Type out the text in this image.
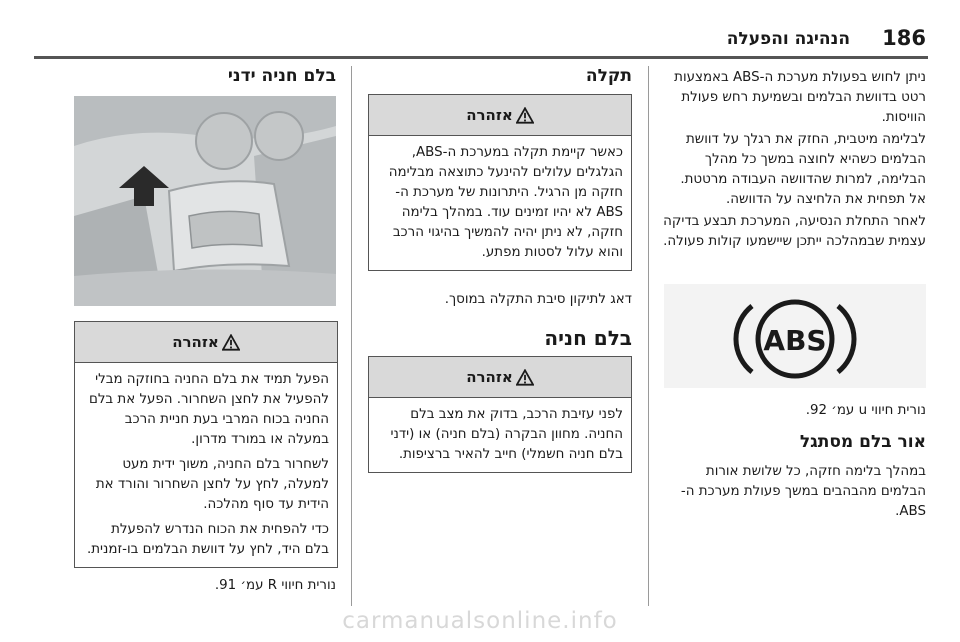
186
הנהיגה והפעלה

ניתן לחוש בפעולת מערכת ה-ABS באמצעות רטט בדוושת הבלמים ובשמיעת רחש פעולת הוויסות.

לבלימה מיטבית, החזק את רגלך על דוושת הבלמים כשהיא לחוצה במשך כל מהלך הבלימה, למרות שהדוושה העבודה מרטטת. אל תפחית את הלחיצה על הדוושה.

לאחר התחלת הנסיעה, המערכת תבצע בדיקה עצמית שבמהלכה ייתכן שיישמעו קולות פעולה.

ABS
נורית חיווי u עמ׳ 92.
אור בלם מסתגל
במהלך בלימה חזקה, כל שלושת אורות הבלמים מהבהבים במשך פעולת מערכת ה-ABS.
תקלה
אזהרה
כאשר קיימת תקלה במערכת ה-ABS, הגלגלים עלולים להינעל כתוצאה מבלימה חזקה מן הרגיל. היתרונות של מערכת ה-ABS לא יהיו זמינים עוד. במהלך בלימה חזקה, לא ניתן יהיה להמשיך בהיגוי הרכב והוא עלול לסטות מפתע.
דאג לתיקון סיבת התקלה במוסך.
בלם חניה
אזהרה
לפני עזיבת הרכב, בדוק את מצב בלם החניה. מחוון הבקרה (בלם חניה) או (ידני בלם חניה חשמלי) חייב להאיר ברציפות.
בלם חניה ידני
אזהרה

הפעל תמיד את בלם החניה בחוזקה מבלי להפעיל את לחצן השחרור. הפעל את בלם החניה בכוח המרבי בעת חניית הרכב במעלה או במורד מדרון.

לשחרור בלם החניה, משוך ידית מעט למעלה, לחץ על לחצן השחרור והורד את הידית עד סוף מהלכה.

כדי להפחית את הכוח הנדרש להפעלת בלם היד, לחץ על דוושת הבלמים בו-זמנית.

נורית חיווי R עמ׳ 91.
carmanualsonline.info
